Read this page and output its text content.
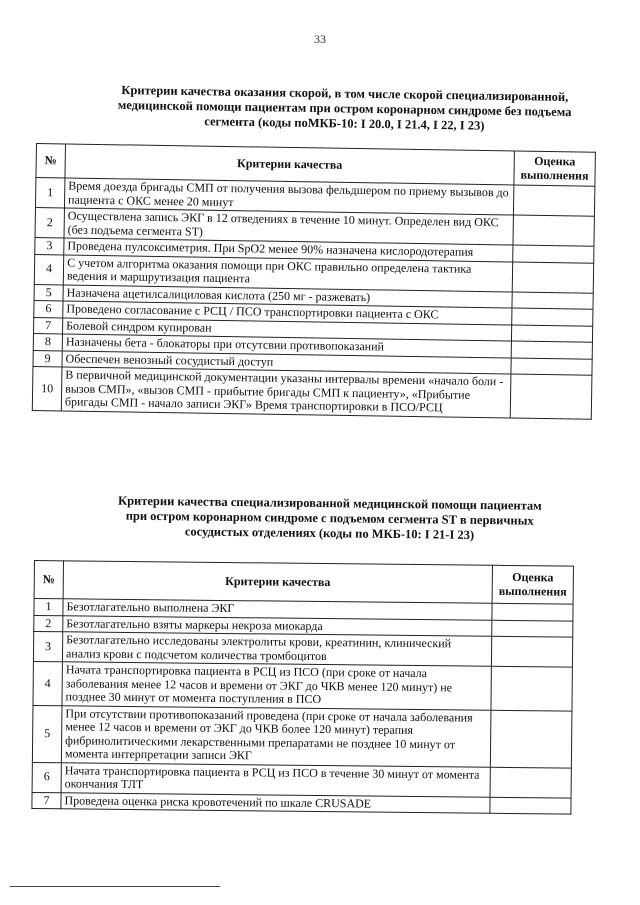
33
Критерии качества оказания скорой, в том числе скорой специализированной,
медицинской помощи пациентам при остром коронарном синдроме без подъема
сегмента (коды поМКБ-10: I 20.0, I 21.4, I 22, I 23)
№	Критерии качества	Оценка выполнения
1	Время доезда бригады СМП от получения вызова фельдшером по приему вызывов до пациента с ОКС менее 20 минут	
2	Осуществлена запись ЭКГ в 12 отведениях в течение 10 минут. Определен вид ОКС (без подъема сегмента ST)	
3	Проведена пулсоксиметрия. При SpO2 менее 90% назначена кислородотерапия	
4	С учетом алгоритма оказания помощи при ОКС правильно определена тактика ведения и маршрутизация пациента	
5	Назначена ацетилсалициловая кислота (250 мг - разжевать)	
6	Проведено согласование с РСЦ / ПСО транспортировки пациента с ОКС	
7	Болевой синдром купирован	
8	Назначены бета - блокаторы при отсутсвии противопоказаний	
9	Обеспечен венозный сосудистый доступ	
10	В первичной медицинской документации указаны интервалы времени «начало боли - вызов СМП», «вызов СМП - прибытие бригады СМП к пациенту», «Прибытие бригады СМП - начало записи ЭКГ» Время транспортировки в ПСО/РСЦ	
Критерии качества специализированной медицинской помощи пациентам
при остром коронарном синдроме с подъемом сегмента ST в первичных
сосудистых отделениях (коды по МКБ-10: I 21-I 23)
№	Критерии качества	Оценка выполнения
1	Безотлагательно выполнена ЭКГ	
2	Безотлагательно взяты маркеры некроза миокарда	
3	Безотлагательно исследованы электролиты крови, креатинин, клинический анализ крови с подсчетом количества тромбоцитов	
4	Начата транспортировка пациента в РСЦ из ПСО (при сроке от начала заболевания менее 12 часов и времени от ЭКГ до ЧКВ менее 120 минут) не позднее 30 минут от момента поступления в ПСО	
5	При отсутствии противопоказаний проведена (при сроке от начала заболевания менее 12 часов и времени от ЭКГ до ЧКВ более 120 минут) терапия фибринолитическими лекарственными препаратами не позднее 10 минут от момента интерпретации записи ЭКГ	
6	Начата транспортировка пациента в РСЦ из ПСО в течение 30 минут от момента окончания ТЛТ	
7	Проведена оценка риска кровотечений по шкале CRUSADE	
